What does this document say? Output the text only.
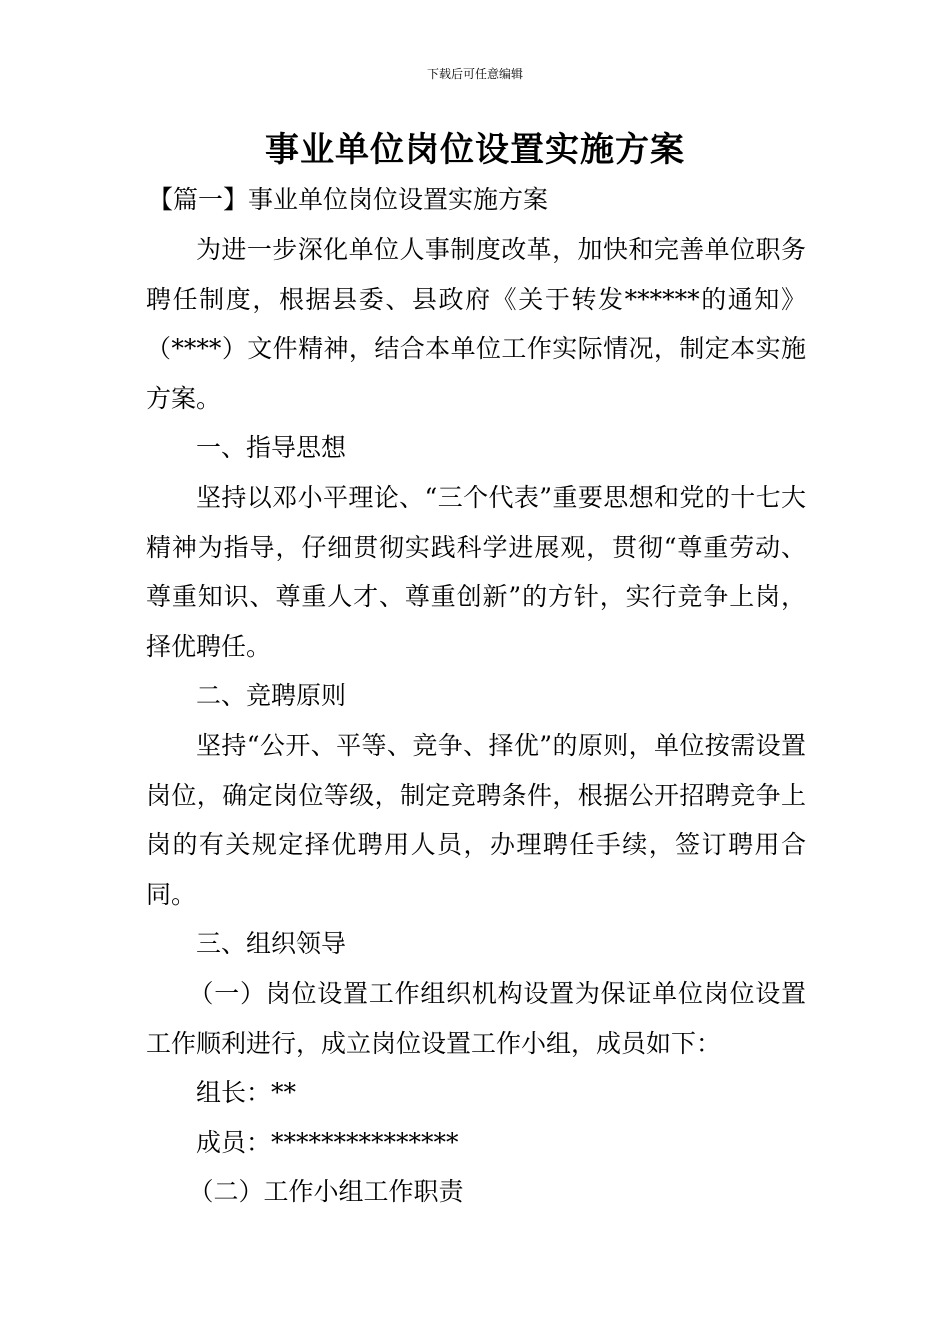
下载后可任意编辑
事业单位岗位设置实施方案
【篇一】事业单位岗位设置实施方案

为进一步深化单位人事制度改革，加快和完善单位职务聘任制度，根据县委、县政府《关于转发******的通知》（****）文件精神，结合本单位工作实际情况，制定本实施方案。

一、指导思想

坚持以邓小平理论、“三个代表”重要思想和党的十七大精神为指导，仔细贯彻实践科学进展观，贯彻“尊重劳动、尊重知识、尊重人才、尊重创新”的方针，实行竞争上岗，择优聘任。

二、竞聘原则

坚持“公开、平等、竞争、择优”的原则，单位按需设置岗位，确定岗位等级，制定竞聘条件，根据公开招聘竞争上岗的有关规定择优聘用人员，办理聘任手续，签订聘用合同。

三、组织领导

（一）岗位设置工作组织机构设置为保证单位岗位设置工作顺利进行，成立岗位设置工作小组，成员如下：

组长：**

成员：***************

（二）工作小组工作职责
